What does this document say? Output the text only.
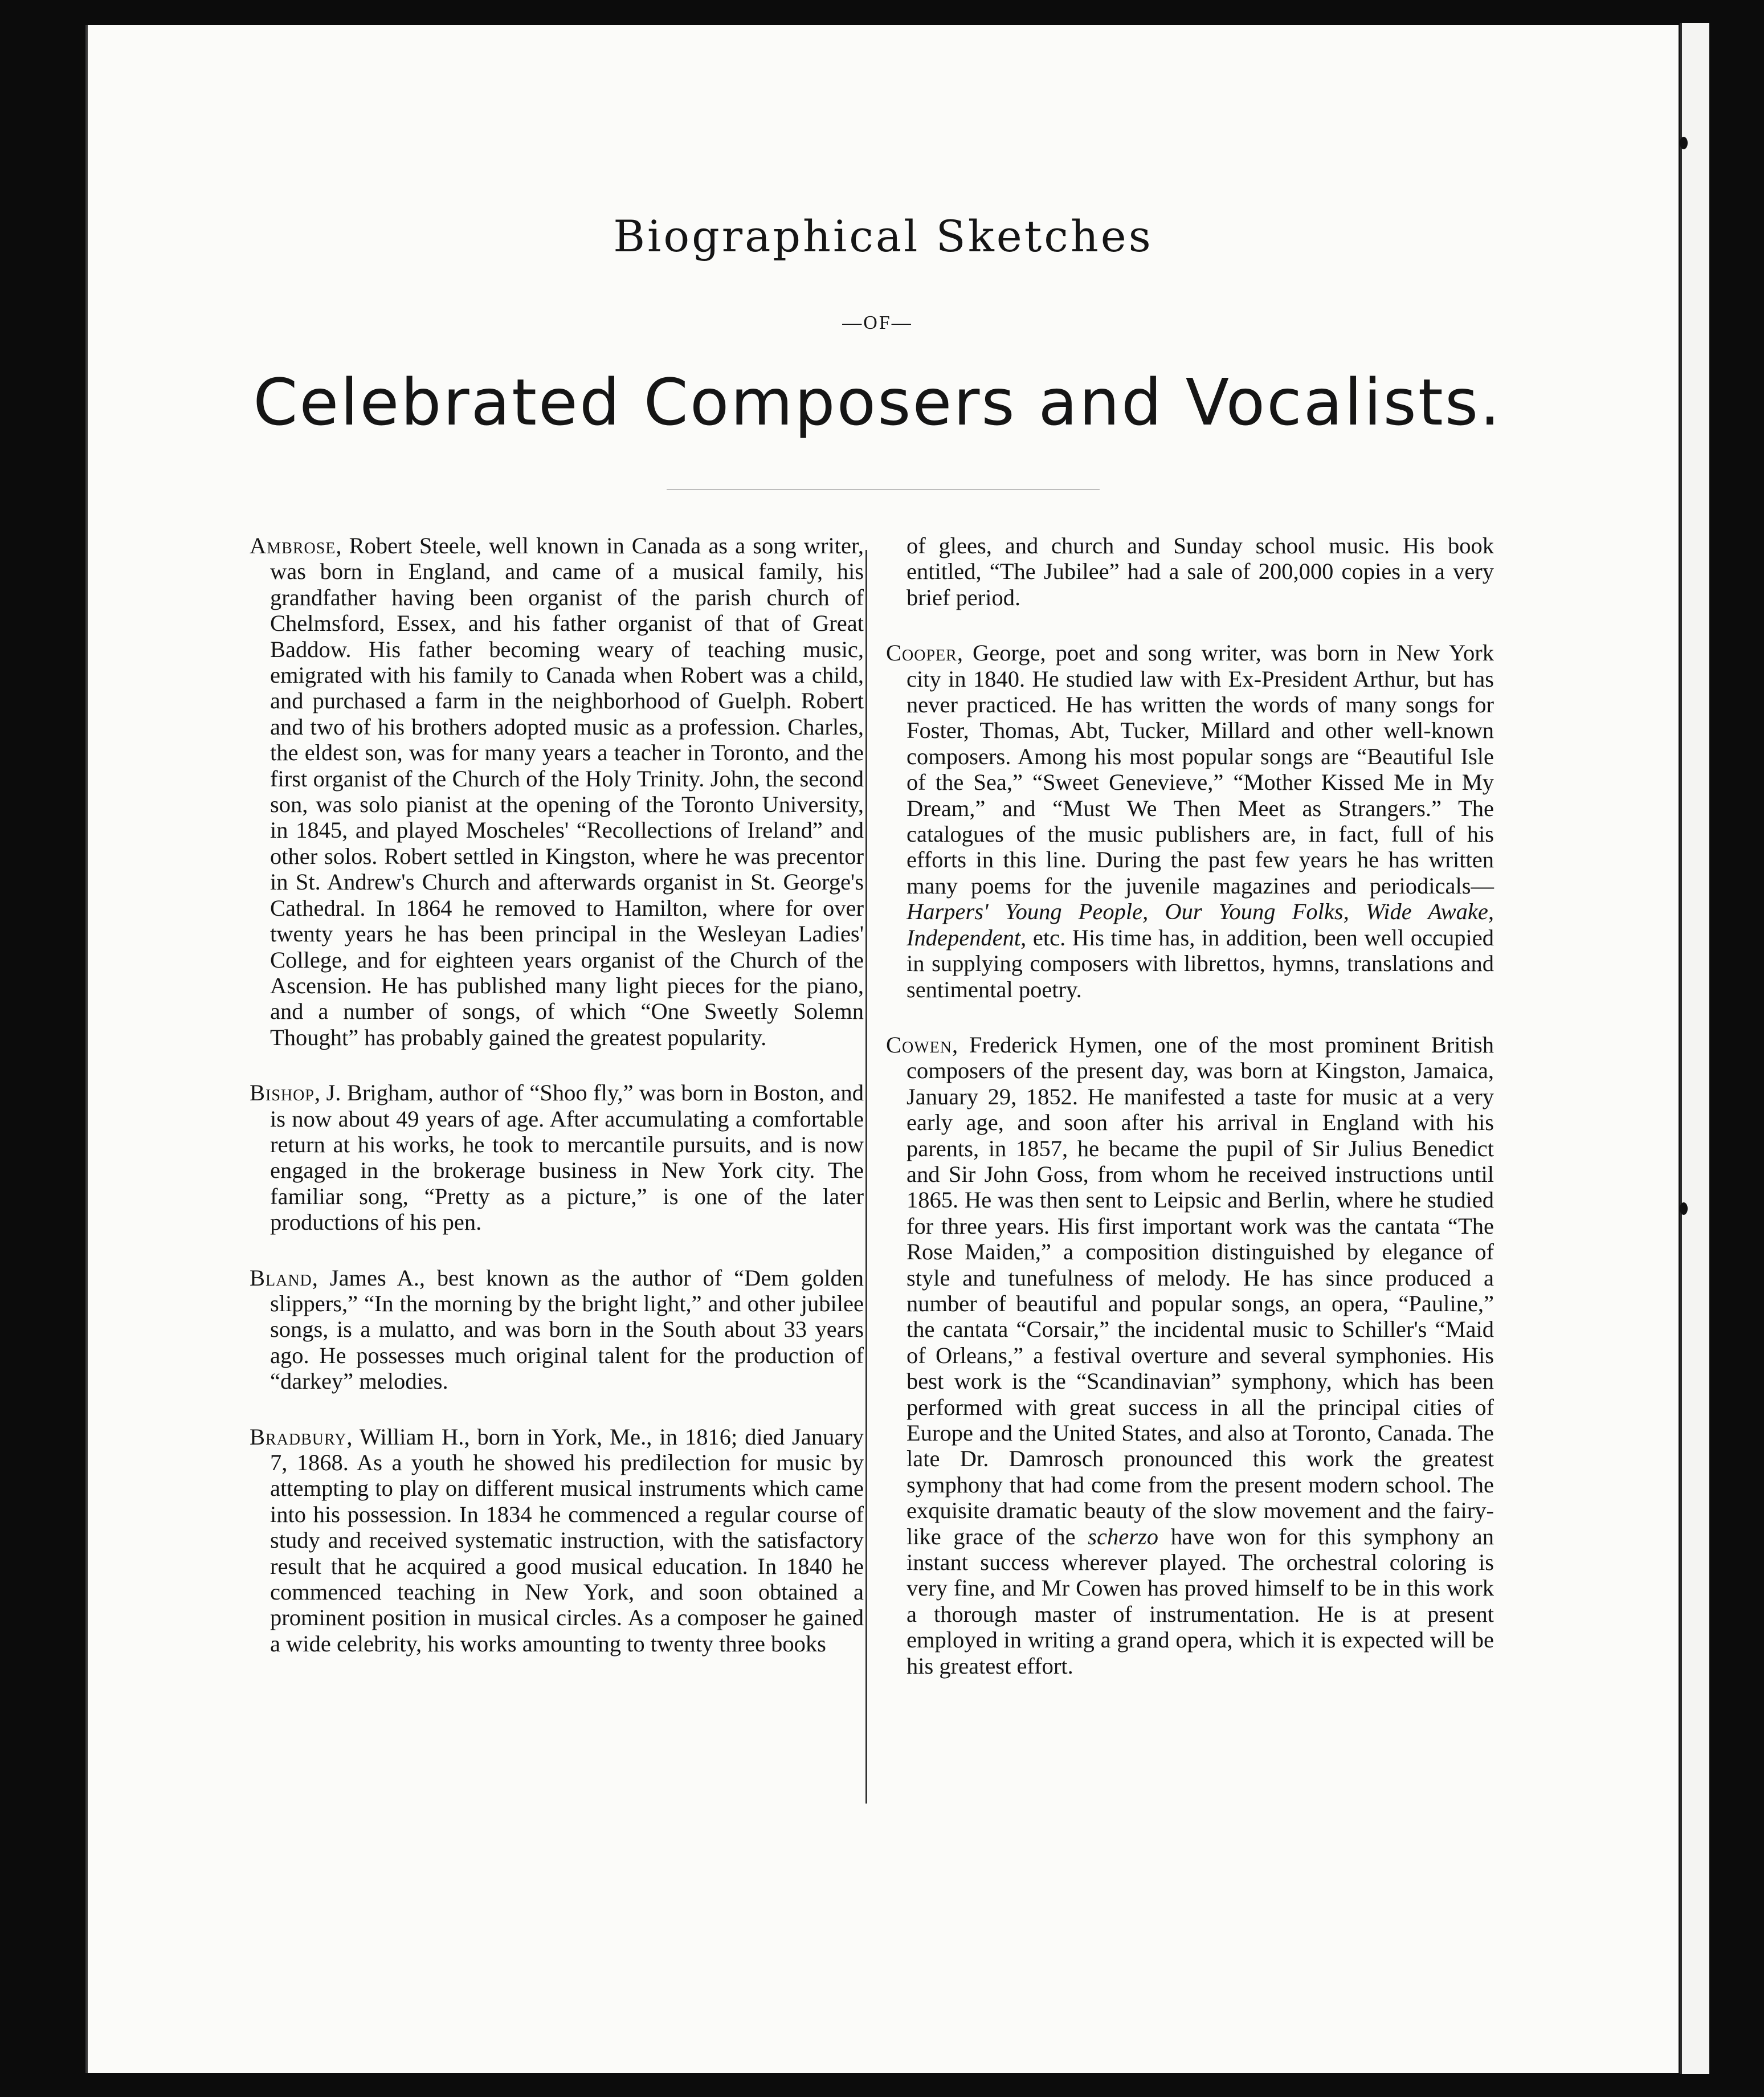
Biographical Sketches
—OF—
Celebrated Composers and Vocalists.

Ambrose, Robert Steele, well known in Canada as a song writer, was born in England, and came of a musical family, his grandfather having been organist of the parish church of Chelmsford, Essex, and his father organist of that of Great Baddow. His father becoming weary of teaching music, emigrated with his family to Canada when Robert was a child, and purchased a farm in the neighborhood of Guelph. Robert and two of his brothers adopted music as a profession. Charles, the eldest son, was for many years a teacher in Toronto, and the first organist of the Church of the Holy Trinity. John, the second son, was solo pianist at the opening of the Toronto University, in 1845, and played Moscheles' “Recollections of Ireland” and other solos. Robert settled in Kingston, where he was precentor in St. Andrew's Church and afterwards organist in St. George's Cathedral. In 1864 he removed to Hamilton, where for over twenty years he has been principal in the Wesleyan Ladies' College, and for eighteen years organist of the Church of the Ascension. He has published many light pieces for the piano, and a number of songs, of which “One Sweetly Solemn Thought” has probably gained the greatest popularity.

Bishop, J. Brigham, author of “Shoo fly,” was born in Boston, and is now about 49 years of age. After accumulating a comfortable return at his works, he took to mercantile pursuits, and is now engaged in the brokerage business in New York city. The familiar song, “Pretty as a picture,” is one of the later productions of his pen.

Bland, James A., best known as the author of “Dem golden slippers,” “In the morning by the bright light,” and other jubilee songs, is a mulatto, and was born in the South about 33 years ago. He possesses much original talent for the production of “darkey” melodies.

Bradbury, William H., born in York, Me., in 1816; died January 7, 1868. As a youth he showed his predilection for music by attempting to play on different musical instruments which came into his possession. In 1834 he commenced a regular course of study and received systematic instruction, with the satisfactory result that he acquired a good musical education. In 1840 he commenced teaching in New York, and soon obtained a prominent position in musical circles. As a composer he gained a wide celebrity, his works amounting to twenty three books

of glees, and church and Sunday school music. His book entitled, “The Jubilee” had a sale of 200,000 copies in a very brief period.

Cooper, George, poet and song writer, was born in New York city in 1840. He studied law with Ex-President Arthur, but has never practiced. He has written the words of many songs for Foster, Thomas, Abt, Tucker, Millard and other well-known composers. Among his most popular songs are “Beautiful Isle of the Sea,” “Sweet Genevieve,” “Mother Kissed Me in My Dream,” and “Must We Then Meet as Strangers.” The catalogues of the music publishers are, in fact, full of his efforts in this line. During the past few years he has written many poems for the juvenile magazines and periodicals—Harpers' Young People, Our Young Folks, Wide Awake, Independent, etc. His time has, in addition, been well occupied in supplying composers with librettos, hymns, translations and sentimental poetry.

Cowen, Frederick Hymen, one of the most prominent British composers of the present day, was born at Kingston, Jamaica, January 29, 1852. He manifested a taste for music at a very early age, and soon after his arrival in England with his parents, in 1857, he became the pupil of Sir Julius Benedict and Sir John Goss, from whom he received instructions until 1865. He was then sent to Leipsic and Berlin, where he studied for three years. His first important work was the cantata “The Rose Maiden,” a composition distinguished by elegance of style and tunefulness of melody. He has since produced a number of beautiful and popular songs, an opera, “Pauline,” the cantata “Corsair,” the incidental music to Schiller's “Maid of Orleans,” a festival overture and several symphonies. His best work is the “Scandinavian” symphony, which has been performed with great success in all the principal cities of Europe and the United States, and also at Toronto, Canada. The late Dr. Damrosch pronounced this work the greatest symphony that had come from the present modern school. The exquisite dramatic beauty of the slow movement and the fairy-like grace of the scherzo have won for this symphony an instant success wherever played. The orchestral coloring is very fine, and Mr Cowen has proved himself to be in this work a thorough master of instrumentation. He is at present employed in writing a grand opera, which it is expected will be his greatest effort.
